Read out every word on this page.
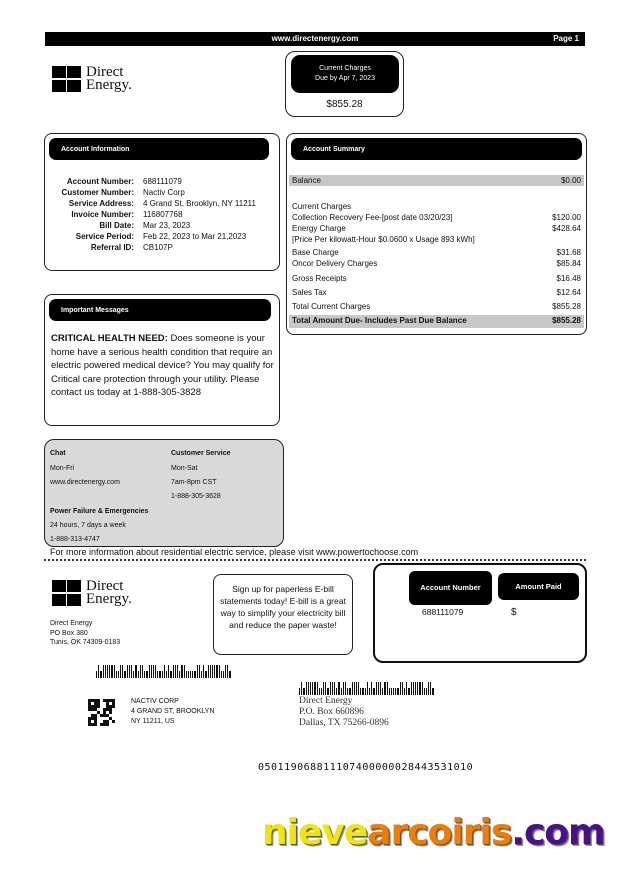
www.directenergy.com	Page 1
Direct
Energy.
Current Charges
Due by Apr 7, 2023
$855.28
Account Information
Account Number:	688111079
Customer Number:	Nactiv Corp
Service Address:	4 Grand St, Brooklyn, NY 11211
Invoice Number:	116807768
Bill Date:	Mar 23, 2023
Service Period:	Feb 22, 2023 to Mar 21,2023
Referral ID:	CB107P
Account Summary
Balance	$0.00
Current Charges
Collection Recovery Fee-[post date 03/20/23]	$120.00
Energy Charge	$428.64
[Price Per kilowatt-Hour $0.0600 x Usage 893 kWh]
Base Charge	$31.68
Oncor Delivery Charges	$85.84
Gross Receipts	$16.48
Sales Tax	$12.64
Total Current Charges	$855.28
Total Amount Due- Includes Past Due Balance	$855.28
Important Messages
CRITICAL HEALTH NEED: Does someone is your home have a serious health condition that require an electric powered medical device? You may qualify for Critical care protection through your utility. Please contact us today at 1-888-305-3828
Chat
Mon-Fri
www.directenergy.com
Customer Service
Mon-Sat
7am-8pm CST
1-888-305-3628
Power Failure & Emergencies
24 hours, 7 days a week
1-888-313-4747
For more information about residential electric service, please visit www.powertochoose.com
Direct
Energy.
Direct Energy
PO Box 380
Tunis, OK 74309-0183
Sign up for paperless E-bill statements today! E-bill is a great way to simplify your electricity bill and reduce the paper waste!
Account Number	Amount Paid
688111079	$
NACTIV CORP
4 GRAND ST, BROOKLYN
NY 11211, US
Direct Energy
P.O. Box 660896
Dallas, TX 75266-0896
050119068811107400000028443531010
nievearcoiris.com
